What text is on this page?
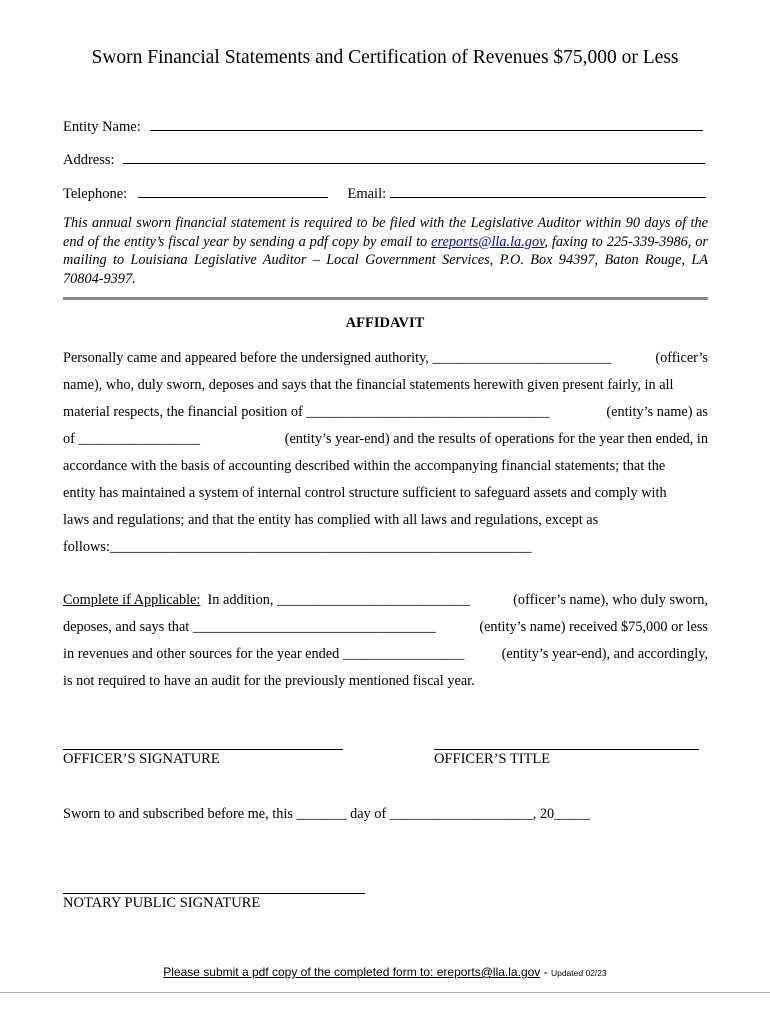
Sworn Financial Statements and Certification of Revenues $75,000 or Less
Entity Name:
Address:
Telephone:	Email:
This annual sworn financial statement is required to be filed with the Legislative Auditor within 90 days of the end of the entity’s fiscal year by sending a pdf copy by email to ereports@lla.la.gov, faxing to 225-339-3986, or mailing to Louisiana Legislative Auditor – Local Government Services, P.O. Box 94397, Baton Rouge, LA 70804-9397.
AFFIDAVIT
Personally came and appeared before the undersigned authority, _________________________	(officer’s
name), who, duly sworn, deposes and says that the financial statements herewith given present fairly, in all
material respects, the financial position of __________________________________	(entity’s name) as
of _________________	(entity’s year-end) and the results of operations for the year then ended, in
accordance with the basis of accounting described within the accompanying financial statements; that the
entity has maintained a system of internal control structure sufficient to safeguard assets and comply with
laws and regulations; and that the entity has complied with all laws and regulations, except as
follows:___________________________________________________________
Complete if Applicable:  In addition, ___________________________	(officer’s name), who duly sworn,
deposes, and says that __________________________________	(entity’s name) received $75,000 or less
in revenues and other sources for the year ended _________________	(entity’s year-end), and accordingly,
is not required to have an audit for the previously mentioned fiscal year.
OFFICER’S SIGNATURE	OFFICER’S TITLE
Sworn to and subscribed before me, this _______ day of ____________________, 20_____
NOTARY PUBLIC SIGNATURE
Please submit a pdf copy of the completed form to: ereports@lla.la.gov - Updated 02/23
